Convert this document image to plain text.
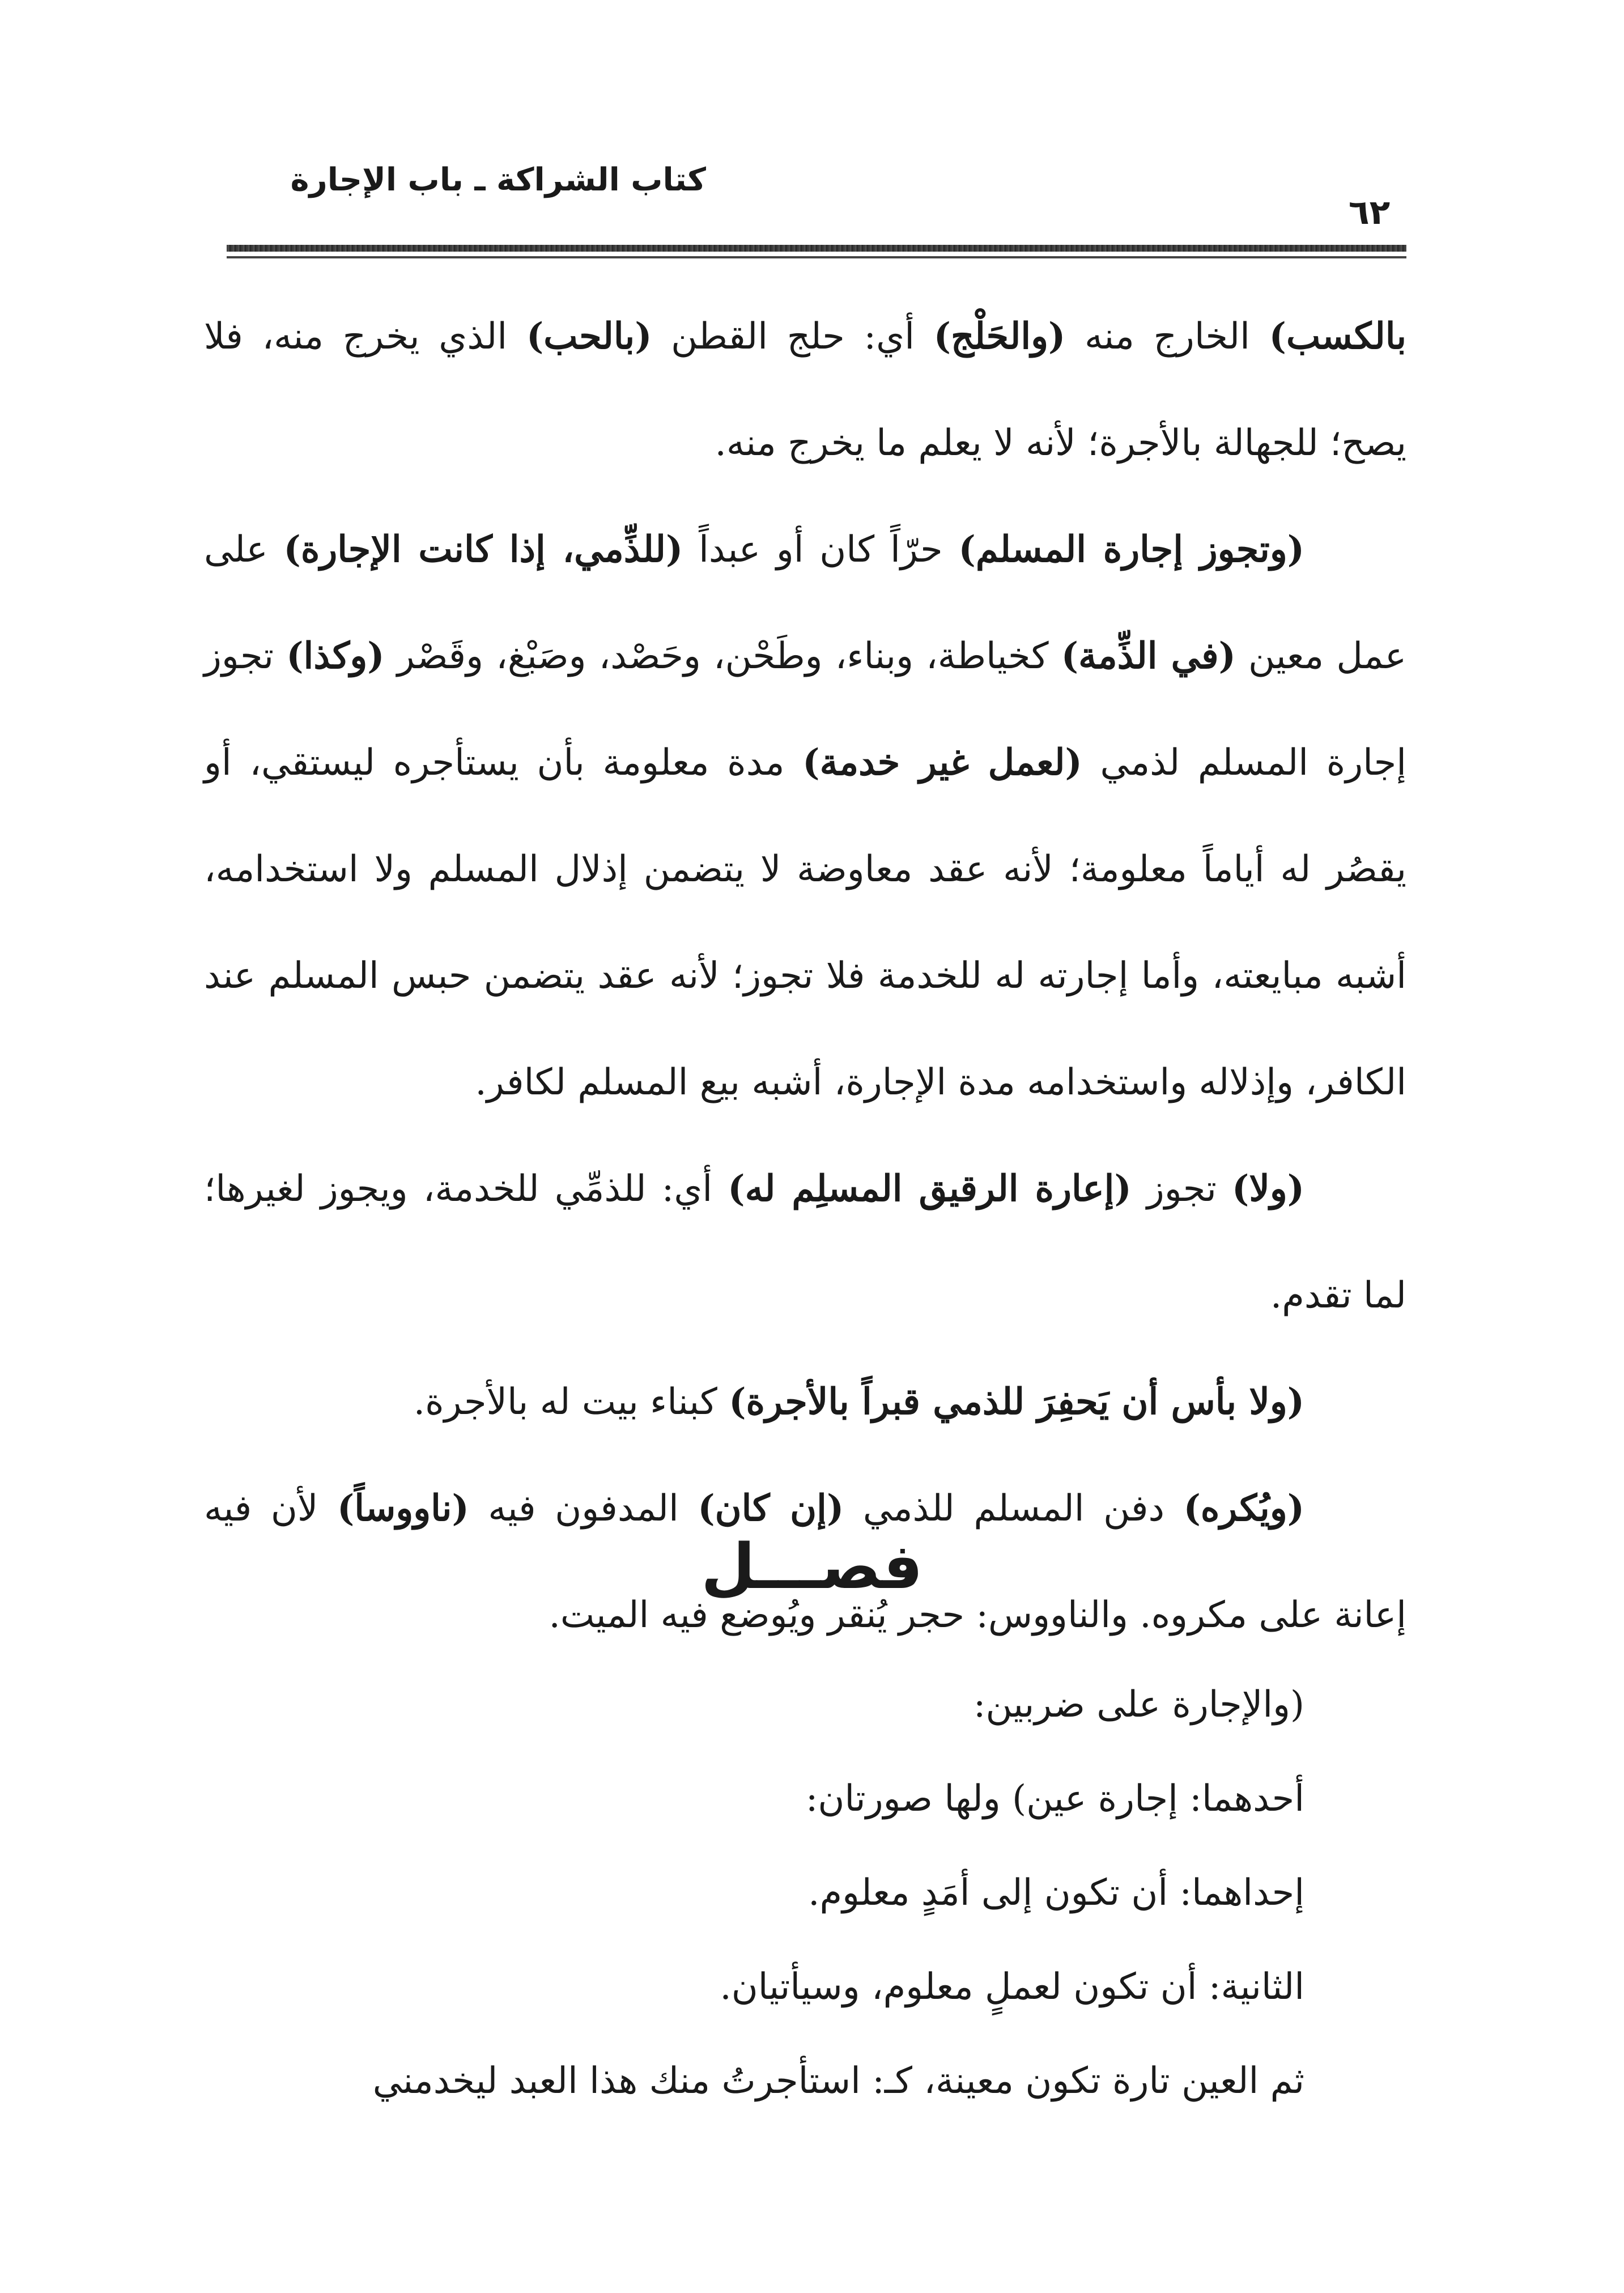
كتاب الشراكة ـ باب الإجارة
٦٢

بالكسب) الخارج منه (والحَلْج) أي: حلج القطن (بالحب) الذي يخرج منه، فلا يصح؛ للجهالة بالأجرة؛ لأنه لا يعلم ما يخرج منه.

(وتجوز إجارة المسلم) حرّاً كان أو عبداً (للذِّمي، إذا كانت الإجارة) على عمل معين (في الذِّمة) كخياطة، وبناء، وطَحْن، وحَصْد، وصَبْغ، وقَصْر (وكذا) تجوز إجارة المسلم لذمي (لعمل غير خدمة) مدة معلومة بأن يستأجره ليستقي، أو يقصُر له أياماً معلومة؛ لأنه عقد معاوضة لا يتضمن إذلال المسلم ولا استخدامه، أشبه مبايعته، وأما إجارته له للخدمة فلا تجوز؛ لأنه عقد يتضمن حبس المسلم عند الكافر، وإذلاله واستخدامه مدة الإجارة، أشبه بيع المسلم لكافر.

(ولا) تجوز (إعارة الرقيق المسلِم له) أي: للذمِّي للخدمة، ويجوز لغيرها؛ لما تقدم.

(ولا بأس أن يَحفِرَ للذمي قبراً بالأجرة) كبناء بيت له بالأجرة.

(ويُكره) دفن المسلم للذمي (إن كان) المدفون فيه (ناووساً) لأن فيه إعانة على مكروه. والناووس: حجر يُنقر ويُوضع فيه الميت.

فصـــل

(والإجارة على ضربين:

أحدهما: إجارة عين) ولها صورتان:

إحداهما: أن تكون إلى أمَدٍ معلوم.

الثانية: أن تكون لعملٍ معلوم، وسيأتيان.

ثم العين تارة تكون معينة، كـ: استأجرتُ منك هذا العبد ليخدمني
